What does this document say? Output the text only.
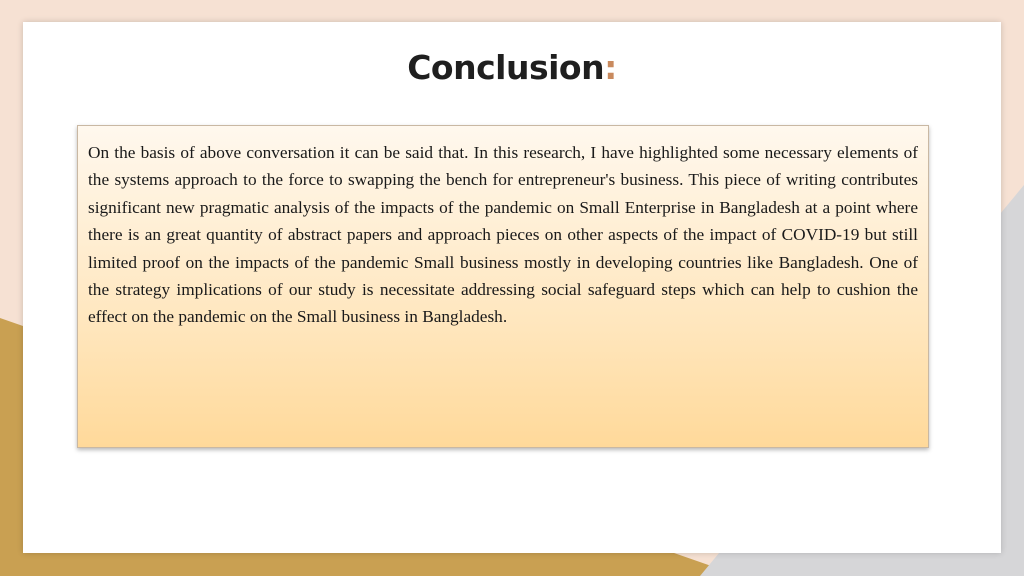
Conclusion:

On the basis of above conversation it can be said that. In this research, I have highlighted some necessary elements of the systems approach to the force to swapping the bench for entrepreneur's business. This piece of writing contributes significant new pragmatic analysis of the impacts of the pandemic on Small Enterprise in Bangladesh at a point where there is an great quantity of abstract papers and approach pieces on other aspects of the impact of COVID-19 but still limited proof on the impacts of the pandemic Small business mostly in developing countries like Bangladesh. One of the strategy implications of our study is necessitate addressing social safeguard steps which can help to cushion the effect on the pandemic on the Small business in Bangladesh.
